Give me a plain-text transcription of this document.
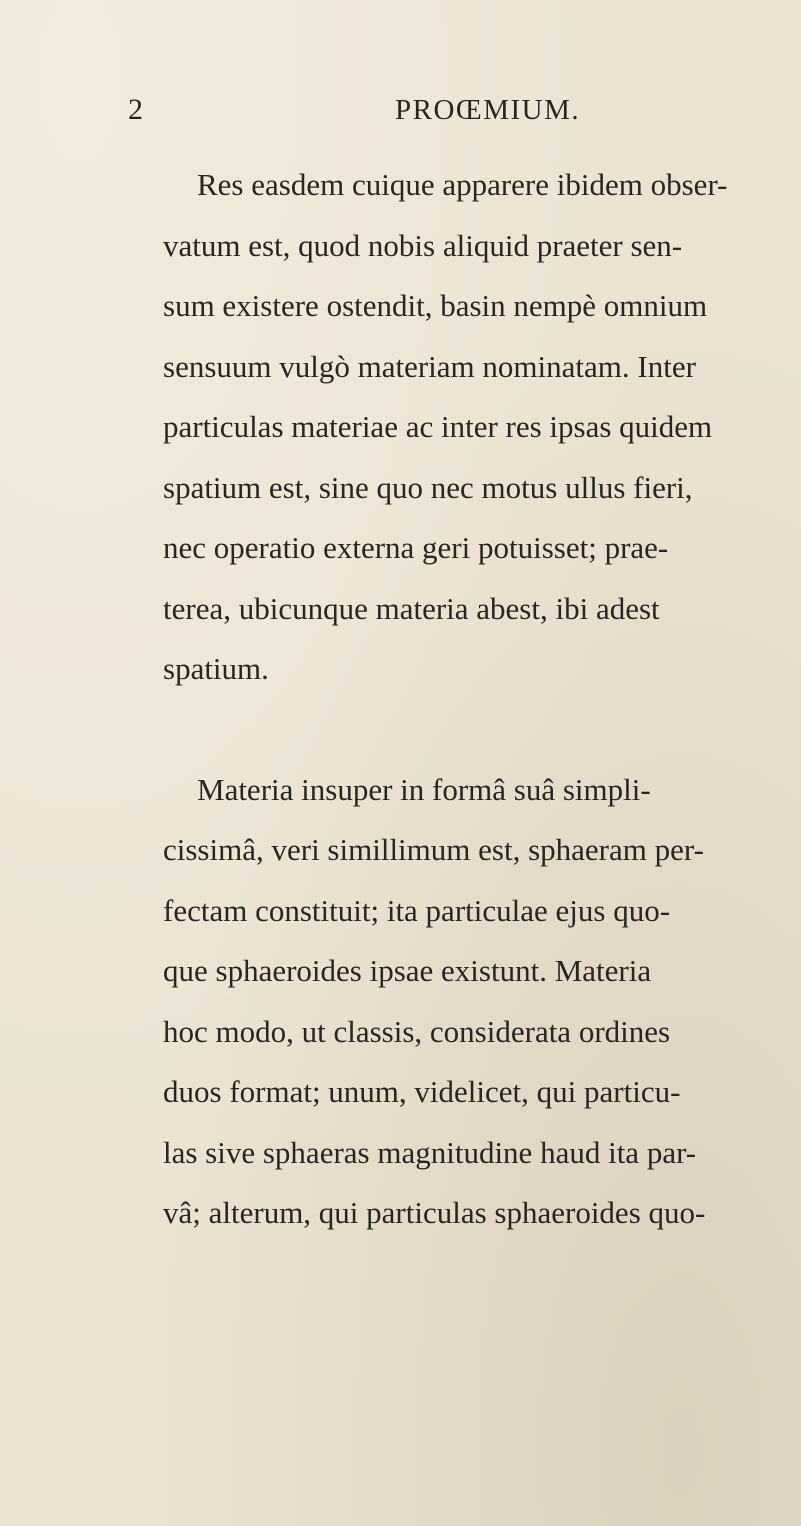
2	PROŒMIUM.
Res easdem cuique apparere ibidem obser-
vatum est, quod nobis aliquid praeter sen-
sum existere ostendit, basin nempè omnium
sensuum vulgò materiam nominatam. Inter
particulas materiae ac inter res ipsas quidem
spatium est, sine quo nec motus ullus fieri,
nec operatio externa geri potuisset; prae-
terea, ubicunque materia abest, ibi adest
spatium.
Materia insuper in formâ suâ simpli-
cissimâ, veri simillimum est, sphaeram per-
fectam constituit; ita particulae ejus quo-
que sphaeroides ipsae existunt. Materia
hoc modo, ut classis, considerata ordines
duos format; unum, videlicet, qui particu-
las sive sphaeras magnitudine haud ita par-
vâ; alterum, qui particulas sphaeroides quo-
